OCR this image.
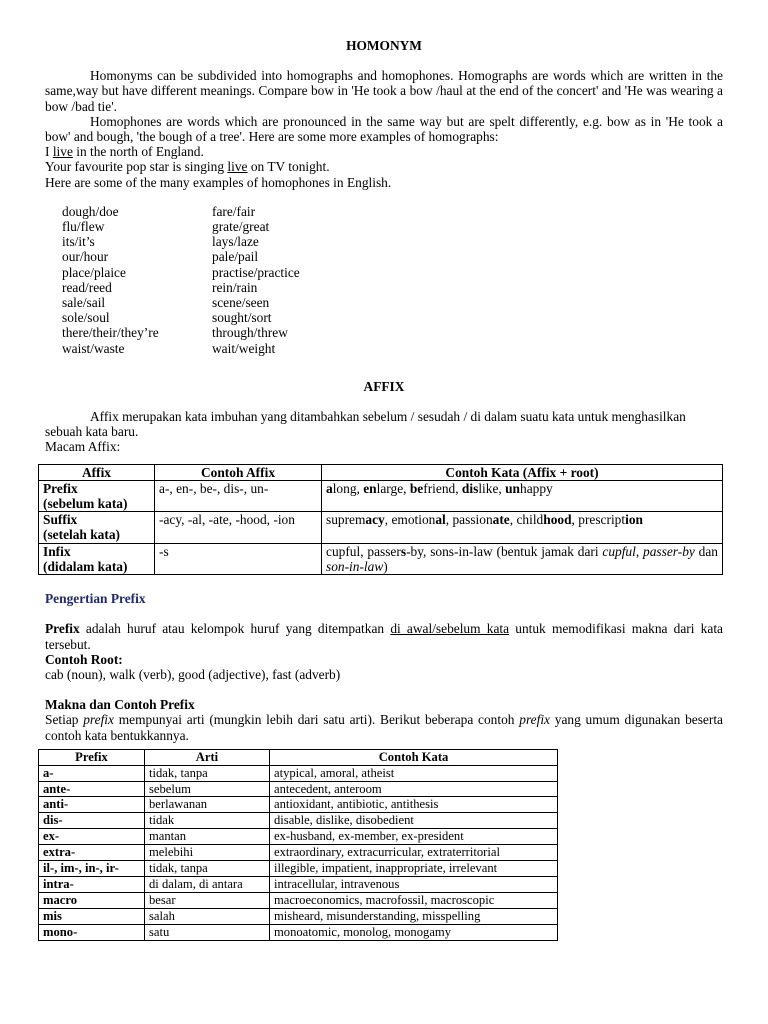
HOMONYM

Homonyms can be subdivided into homographs and homophones. Homographs are words which are written in the same,way but have different meanings. Compare bow in 'He took a bow /haul at the end of the concert' and 'He was wearing a bow /bad tie'.

Homophones are words which are pronounced in the same way but are spelt differently, e.g. bow as in 'He took a bow' and bough, 'the bough of a tree'. Here are some more examples of homographs:

I live in the north of England.

Your favourite pop star is singing live on TV tonight.

Here are some of the many examples of homophones in English.

dough/doe	fare/fair
flu/flew	grate/great
its/it’s	lays/laze
our/hour	pale/pail
place/plaice	practise/practice
read/reed	rein/rain
sale/sail	scene/seen
sole/soul	sought/sort
there/their/they’re	through/threw
waist/waste	wait/weight

AFFIX

Affix merupakan kata imbuhan yang ditambahkan sebelum / sesudah / di dalam suatu kata untuk menghasilkan sebuah kata baru.

Macam Affix:

Affix	Contoh Affix	Contoh Kata (Affix + root)
Prefix
(sebelum kata)	a-, en-, be-, dis-, un-	along, enlarge, befriend, dislike, unhappy
Suffix
(setelah kata)	-acy, -al, -ate, -hood, -ion	supremacy, emotional, passionate, childhood, prescription
Infix
(didalam kata)	-s	cupful, passers-by, sons-in-law (bentuk jamak dari cupful, passer-by dan son-in-law)

Pengertian Prefix

Prefix adalah huruf atau kelompok huruf yang ditempatkan di awal/sebelum kata untuk memodifikasi makna dari kata tersebut.

Contoh Root:

cab (noun), walk (verb), good (adjective), fast (adverb)

Makna dan Contoh Prefix

Setiap prefix mempunyai arti (mungkin lebih dari satu arti). Berikut beberapa contoh prefix yang umum digunakan beserta contoh kata bentukkannya.

Prefix	Arti	Contoh Kata
a-	tidak, tanpa	atypical, amoral, atheist
ante-	sebelum	antecedent, anteroom
anti-	berlawanan	antioxidant, antibiotic, antithesis
dis-	tidak	disable, dislike, disobedient
ex-	mantan	ex-husband, ex-member, ex-president
extra-	melebihi	extraordinary, extracurricular, extraterritorial
il-, im-, in-, ir-	tidak, tanpa	illegible, impatient, inappropriate, irrelevant
intra-	di dalam, di antara	intracellular, intravenous
macro	besar	macroeconomics, macrofossil, macroscopic
mis	salah	misheard, misunderstanding, misspelling
mono-	satu	monoatomic, monolog, monogamy
